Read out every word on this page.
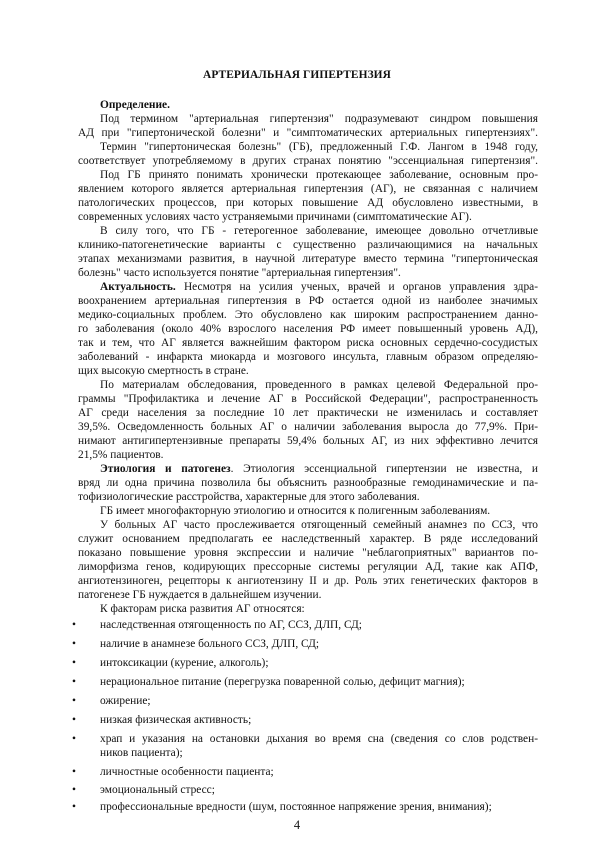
АРТЕРИАЛЬНАЯ ГИПЕРТЕНЗИЯ
Определение.
Под термином "артериальная гипертензия" подразумевают синдром повышения
АД при "гипертонической болезни" и "симптоматических артериальных гипертензиях".
Термин "гипертоническая болезнь" (ГБ), предложенный Г.Ф. Лангом в 1948 году,
соответствует употребляемому в других странах понятию "эссенциальная гипертензия".
Под ГБ принято понимать хронически протекающее заболевание, основным про-
явлением которого является артериальная гипертензия (АГ), не связанная с наличием
патологических процессов, при которых повышение АД обусловлено известными, в
современных условиях часто устраняемыми причинами (симптоматические АГ).
В силу того, что ГБ - гетерогенное заболевание, имеющее довольно отчетливые
клинико-патогенетические варианты с существенно различающимися на начальных
этапах механизмами развития, в научной литературе вместо термина "гипертоническая
болезнь" часто используется понятие "артериальная гипертензия".
Актуальность. Несмотря на усилия ученых, врачей и органов управления здра-
воохранением артериальная гипертензия в РФ остается одной из наиболее значимых
медико-социальных проблем. Это обусловлено как широким распространением данно-
го заболевания (около 40% взрослого населения РФ имеет повышенный уровень АД),
так и тем, что АГ является важнейшим фактором риска основных сердечно-сосудистых
заболеваний - инфаркта миокарда и мозгового инсульта, главным образом определяю-
щих высокую смертность в стране.
По материалам обследования, проведенного в рамках целевой Федеральной про-
граммы "Профилактика и лечение АГ в Российской Федерации", распространенность
АГ среди населения за последние 10 лет практически не изменилась и составляет
39,5%. Осведомленность больных АГ о наличии заболевания выросла до 77,9%. При-
нимают антигипертензивные препараты 59,4% больных АГ, из них эффективно лечится
21,5% пациентов.
Этиология и патогенез. Этиология эссенциальной гипертензии не известна, и
вряд ли одна причина позволила бы объяснить разнообразные гемодинамические и па-
тофизиологические расстройства, характерные для этого заболевания.
ГБ имеет многофакторную этиологию и относится к полигенным заболеваниям.
У больных АГ часто прослеживается отягощенный семейный анамнез по ССЗ, что
служит основанием предполагать ее наследственный характер. В ряде исследований
показано повышение уровня экспрессии и наличие "неблагоприятных" вариантов по-
лиморфизма генов, кодирующих прессорные системы регуляции АД, такие как АПФ,
ангиотензиноген, рецепторы к ангиотензину II и др. Роль этих генетических факторов в
патогенезе ГБ нуждается в дальнейшем изучении.
К факторам риска развития АГ относятся:
•	наследственная отягощенность по АГ, ССЗ, ДЛП, СД;
•	наличие в анамнезе больного ССЗ, ДЛП, СД;
•	интоксикации (курение, алкоголь);
•	нерациональное питание (перегрузка поваренной солью, дефицит магния);
•	ожирение;
•	низкая физическая активность;
•	храп и указания на остановки дыхания во время сна (сведения со слов родствен-
ников пациента);
•	личностные особенности пациента;
•	эмоциональный стресс;
•	профессиональные вредности (шум, постоянное напряжение зрения, внимания);
4
